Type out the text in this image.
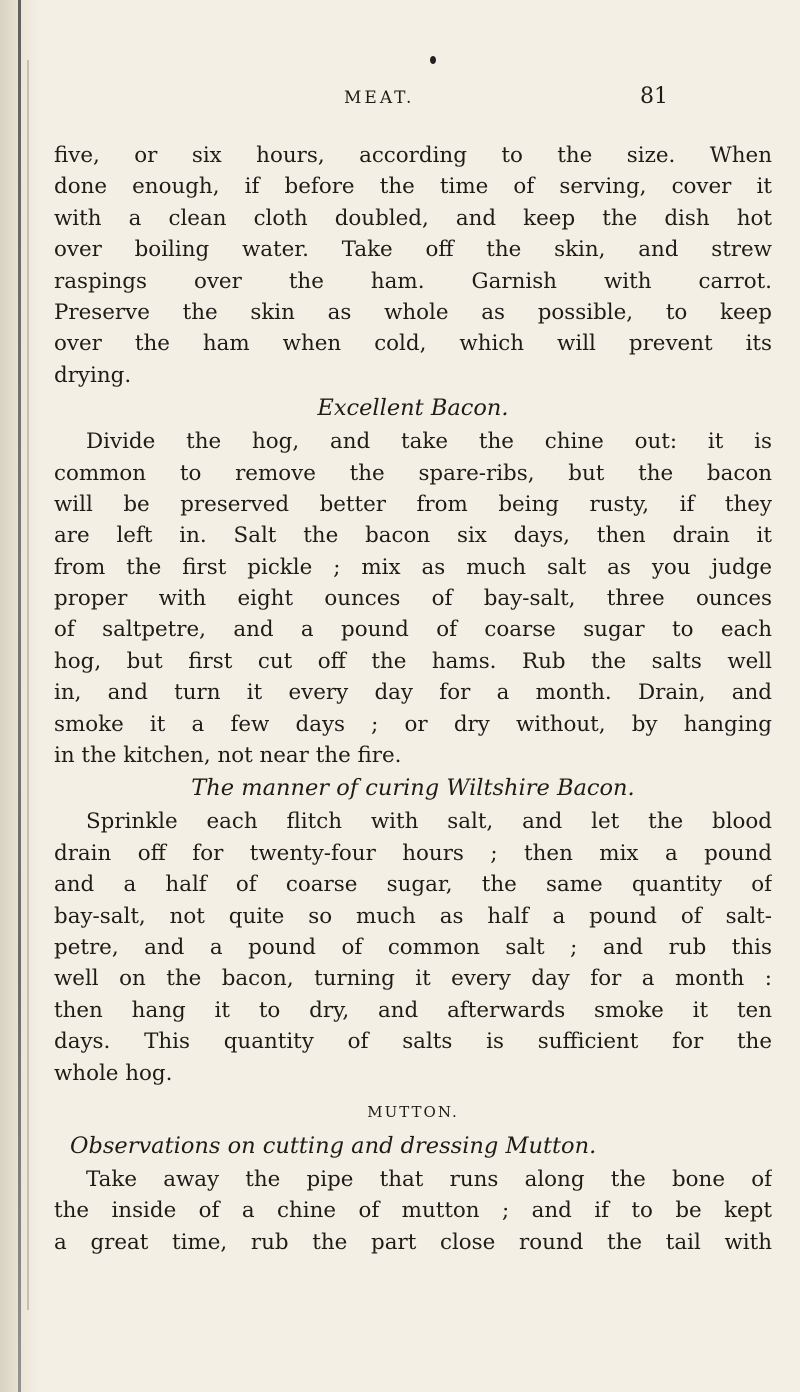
MEAT.	81
five, or six hours, according to the size. When
done enough, if before the time of serving, cover it
with a clean cloth doubled, and keep the dish hot
over boiling water. Take off the skin, and strew
raspings over the ham. Garnish with carrot.
Preserve the skin as whole as possible, to keep
over the ham when cold, which will prevent its
drying.
Excellent Bacon.
Divide the hog, and take the chine out: it is
common to remove the spare-ribs, but the bacon
will be preserved better from being rusty, if they
are left in. Salt the bacon six days, then drain it
from the first pickle ; mix as much salt as you judge
proper with eight ounces of bay-salt, three ounces
of saltpetre, and a pound of coarse sugar to each
hog, but first cut off the hams. Rub the salts well
in, and turn it every day for a month. Drain, and
smoke it a few days ; or dry without, by hanging
in the kitchen, not near the fire.
The manner of curing Wiltshire Bacon.
Sprinkle each flitch with salt, and let the blood
drain off for twenty-four hours ; then mix a pound
and a half of coarse sugar, the same quantity of
bay-salt, not quite so much as half a pound of salt-
petre, and a pound of common salt ; and rub this
well on the bacon, turning it every day for a month :
then hang it to dry, and afterwards smoke it ten
days. This quantity of salts is sufficient for the
whole hog.
MUTTON.
Observations on cutting and dressing Mutton.
Take away the pipe that runs along the bone of
the inside of a chine of mutton ; and if to be kept
a great time, rub the part close round the tail with
